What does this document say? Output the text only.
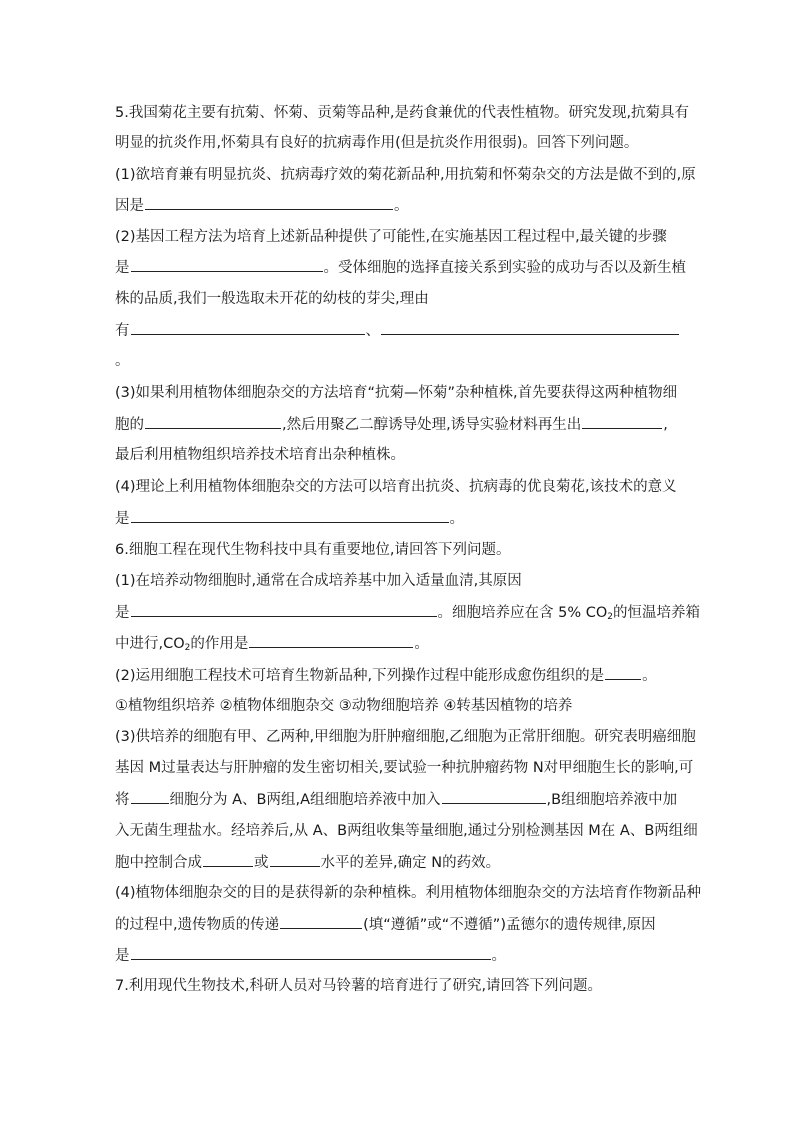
5.我国菊花主要有抗菊、怀菊、贡菊等品种,是药食兼优的代表性植物。研究发现,抗菊具有
明显的抗炎作用,怀菊具有良好的抗病毒作用(但是抗炎作用很弱)。回答下列问题。
(1)欲培育兼有明显抗炎、抗病毒疗效的菊花新品种,用抗菊和怀菊杂交的方法是做不到的,原
因是	。
(2)基因工程方法为培育上述新品种提供了可能性,在实施基因工程过程中,最关键的步骤
是	。受体细胞的选择直接关系到实验的成功与否以及新生植
株的品质,我们一般选取未开花的幼枝的芽尖,理由
有	、
。
(3)如果利用植物体细胞杂交的方法培育“抗菊—怀菊”杂种植株,首先要获得这两种植物细
胞的	,然后用聚乙二醇诱导处理,诱导实验材料再生出	,
最后利用植物组织培养技术培育出杂种植株。
(4)理论上利用植物体细胞杂交的方法可以培育出抗炎、抗病毒的优良菊花,该技术的意义
是	。
6.细胞工程在现代生物科技中具有重要地位,请回答下列问题。
(1)在培养动物细胞时,通常在合成培养基中加入适量血清,其原因
是	。细胞培养应在含 5% $CO_2$的恒温培养箱
中进行$,CO_2$的作用是	。
(2)运用细胞工程技术可培育生物新品种,下列操作过程中能形成愈伤组织的是	。
①植物组织培养 ②植物体细胞杂交 ③动物细胞培养 ④转基因植物的培养
(3)供培养的细胞有甲、乙两种,甲细胞为肝肿瘤细胞,乙细胞为正常肝细胞。研究表明癌细胞
基因 M过量表达与肝肿瘤的发生密切相关,要试验一种抗肿瘤药物 N对甲细胞生长的影响,可
将	细胞分为 A、B两组,A组细胞培养液中加入	,B组细胞培养液中加
入无菌生理盐水。经培养后,从 A、B两组收集等量细胞,通过分别检测基因 M在 A、B两组细
胞中控制合成	或	水平的差异,确定 N的药效。
(4)植物体细胞杂交的目的是获得新的杂种植株。利用植物体细胞杂交的方法培育作物新品种
的过程中,遗传物质的传递	(填“遵循”或“不遵循”)孟德尔的遗传规律,原因
是	。
7.利用现代生物技术,科研人员对马铃薯的培育进行了研究,请回答下列问题。
